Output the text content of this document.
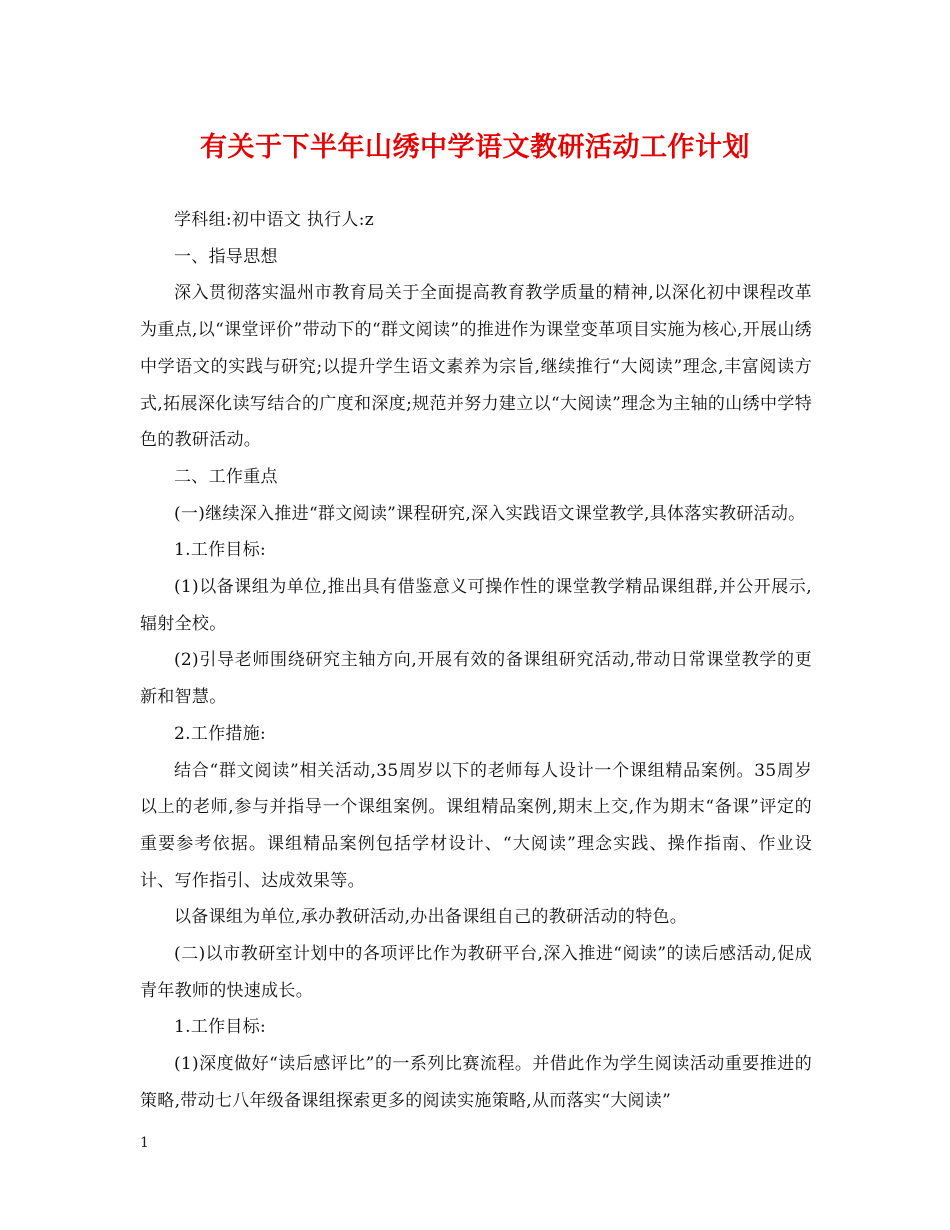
有关于下半年山绣中学语文教研活动工作计划

学科组:初中语文 执行人:z

一、指导思想

深入贯彻落实温州市教育局关于全面提高教育教学质量的精神,以深化初中课程改革为重点,以“课堂评价”带动下的“群文阅读”的推进作为课堂变革项目实施为核心,开展山绣中学语文的实践与研究;以提升学生语文素养为宗旨,继续推行“大阅读”理念,丰富阅读方式,拓展深化读写结合的广度和深度;规范并努力建立以“大阅读”理念为主轴的山绣中学特色的教研活动。

二、工作重点

(一)继续深入推进“群文阅读”课程研究,深入实践语文课堂教学,具体落实教研活动。

1.工作目标:

(1)以备课组为单位,推出具有借鉴意义可操作性的课堂教学精品课组群,并公开展示,辐射全校。

(2)引导老师围绕研究主轴方向,开展有效的备课组研究活动,带动日常课堂教学的更新和智慧。

2.工作措施:

结合“群文阅读”相关活动,35周岁以下的老师每人设计一个课组精品案例。35周岁以上的老师,参与并指导一个课组案例。课组精品案例,期末上交,作为期末“备课”评定的重要参考依据。课组精品案例包括学材设计、“大阅读”理念实践、操作指南、作业设计、写作指引、达成效果等。

以备课组为单位,承办教研活动,办出备课组自己的教研活动的特色。

(二)以市教研室计划中的各项评比作为教研平台,深入推进“阅读”的读后感活动,促成青年教师的快速成长。

1.工作目标:

(1)深度做好“读后感评比”的一系列比赛流程。并借此作为学生阅读活动重要推进的策略,带动七八年级备课组探索更多的阅读实施策略,从而落实“大阅读”

1
